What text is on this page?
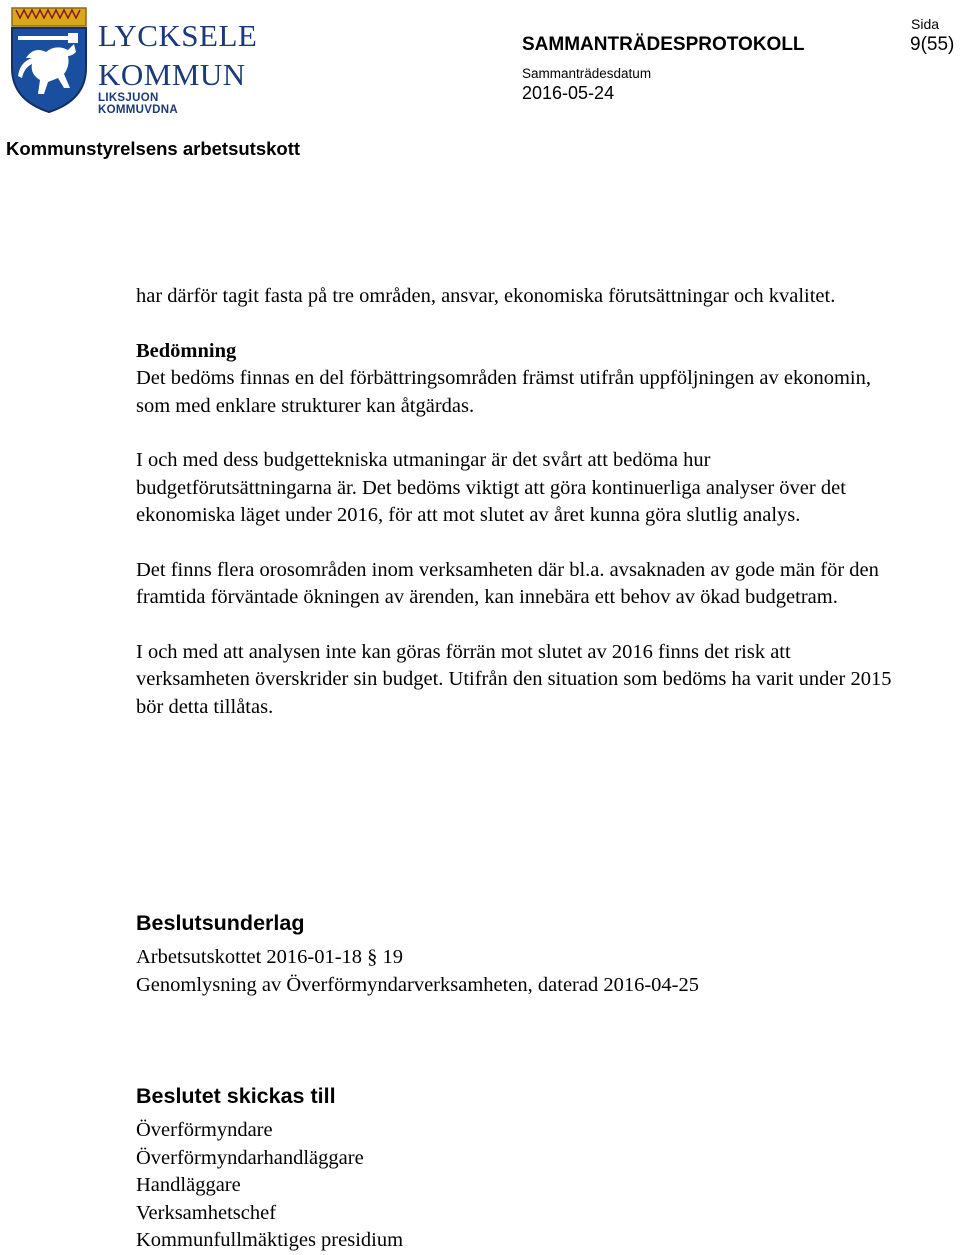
LYCKSELE
KOMMUN
LIKSJUON KOMMUVDNA
SAMMANTRÄDESPROTOKOLL
Sammanträdesdatum
2016-05-24
Sida
9(55)
Kommunstyrelsens arbetsutskott

har därför tagit fasta på tre områden, ansvar, ekonomiska förutsättningar och kvalitet.

Bedömning

Det bedöms finnas en del förbättringsområden främst utifrån uppföljningen av ekonomin, som med enklare strukturer kan åtgärdas.

I och med dess budgettekniska utmaningar är det svårt att bedöma hur budgetförutsättningarna är. Det bedöms viktigt att göra kontinuerliga analyser över det ekonomiska läget under 2016, för att mot slutet av året kunna göra slutlig analys.

Det finns flera orosområden inom verksamheten där bl.a. avsaknaden av gode män för den framtida förväntade ökningen av ärenden, kan innebära ett behov av ökad budgetram.

I och med att analysen inte kan göras förrän mot slutet av 2016 finns det risk att verksamheten överskrider sin budget. Utifrån den situation som bedöms ha varit under 2015 bör detta tillåtas.

Beslutsunderlag
Arbetsutskottet 2016-01-18 § 19
Genomlysning av Överförmyndarverksamheten, daterad 2016-04-25
Beslutet skickas till
Överförmyndare
Överförmyndarhandläggare
Handläggare
Verksamhetschef
Kommunfullmäktiges presidium
